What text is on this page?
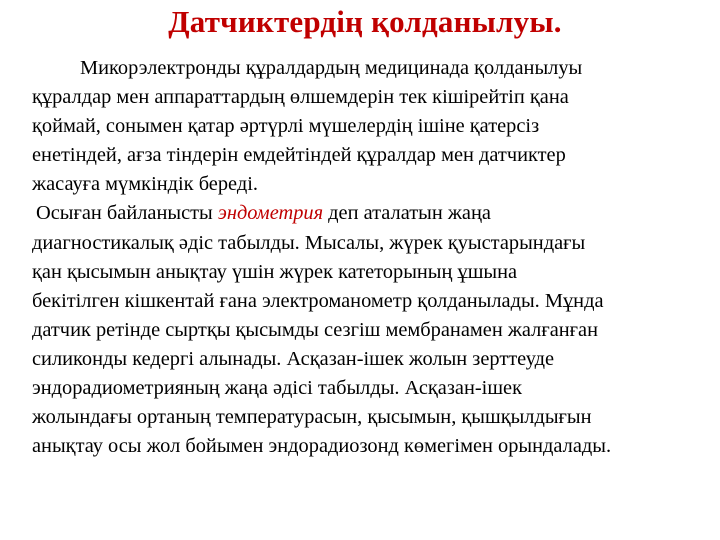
Датчиктердің қолданылуы.
Микорэлектронды құралдардың медицинада қолданылуы
құралдар мен аппараттардың өлшемдерін тек кішірейтіп қана
қоймай, сонымен қатар әртүрлі мүшелердің ішіне қатерсіз
енетіндей, ағза тіндерін емдейтіндей құралдар мен датчиктер
жасауға мүмкіндік береді.
Осыған байланысты эндометрия деп аталатын жаңа
диагностикалық әдіс табылды. Мысалы, жүрек қуыстарындағы
қан қысымын анықтау үшін жүрек катеторының ұшына
бекітілген кішкентай ғана электроманометр қолданылады. Мұнда
датчик ретінде сыртқы қысымды сезгіш мембранамен жалғанған
силиконды кедергі алынады. Асқазан-ішек жолын зерттеуде
эндорадиометрияның жаңа әдісі табылды. Асқазан-ішек
жолындағы ортаның температурасын, қысымын, қышқылдығын
анықтау осы жол бойымен эндорадиозонд көмегімен орындалады.
